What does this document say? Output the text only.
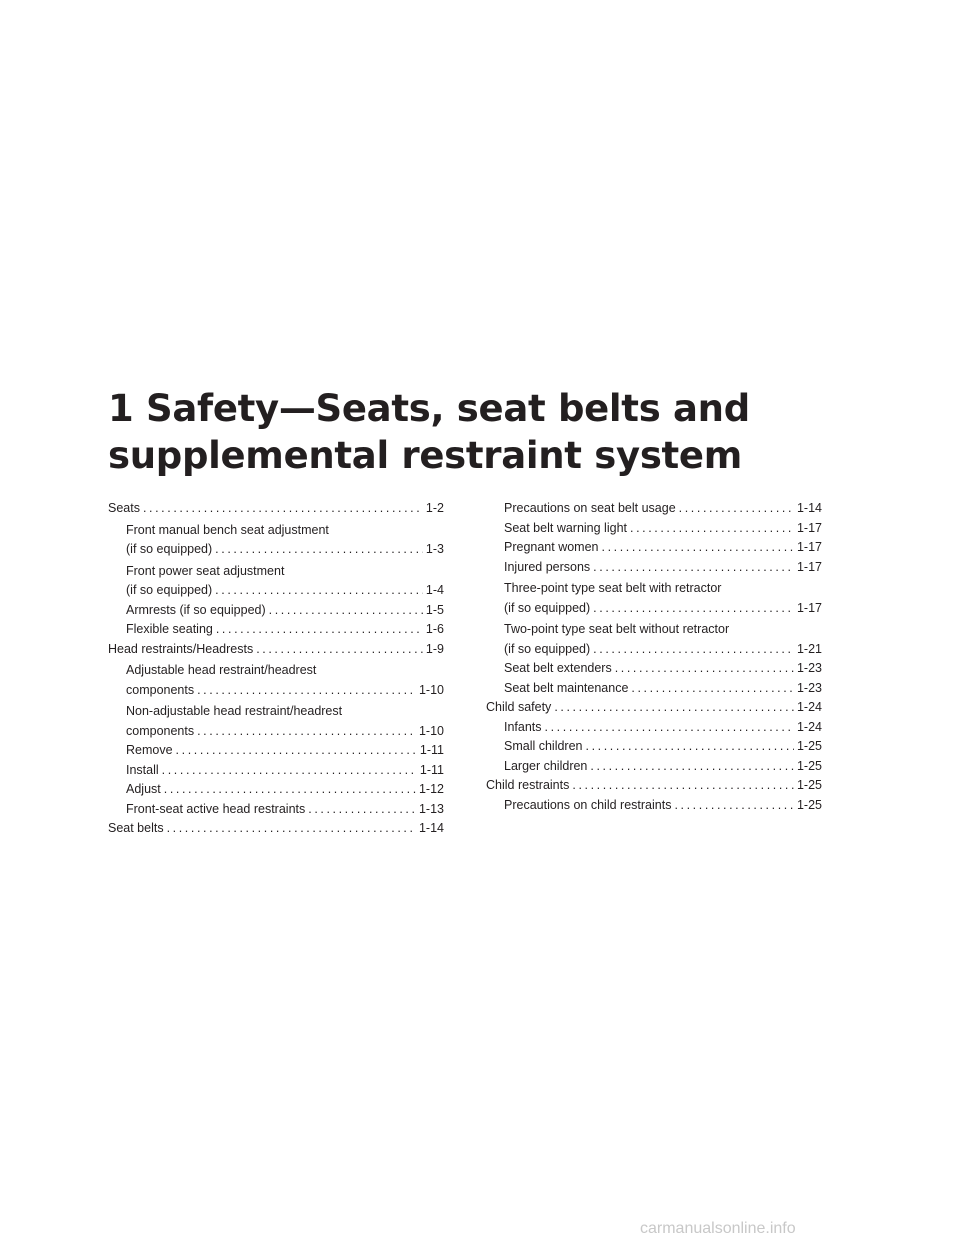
1 Safety—Seats, seat belts and
supplemental restraint system
Seats .....	1-2
Front manual bench seat adjustment
(if so equipped) .....	1-3
Front power seat adjustment
(if so equipped) .....	1-4
Armrests (if so equipped) .....	1-5
Flexible seating .....	1-6
Head restraints/Headrests .....	1-9
Adjustable head restraint/headrest
components .....	1-10
Non-adjustable head restraint/headrest
components .....	1-10
Remove .....	1-11
Install .....	1-11
Adjust .....	1-12
Front-seat active head restraints .....	1-13
Seat belts .....	1-14
Precautions on seat belt usage .....	1-14
Seat belt warning light .....	1-17
Pregnant women .....	1-17
Injured persons .....	1-17
Three-point type seat belt with retractor
(if so equipped) .....	1-17
Two-point type seat belt without retractor
(if so equipped) .....	1-21
Seat belt extenders .....	1-23
Seat belt maintenance .....	1-23
Child safety .....	1-24
Infants .....	1-24
Small children .....	1-25
Larger children .....	1-25
Child restraints .....	1-25
Precautions on child restraints .....	1-25
carmanualsonline.info
